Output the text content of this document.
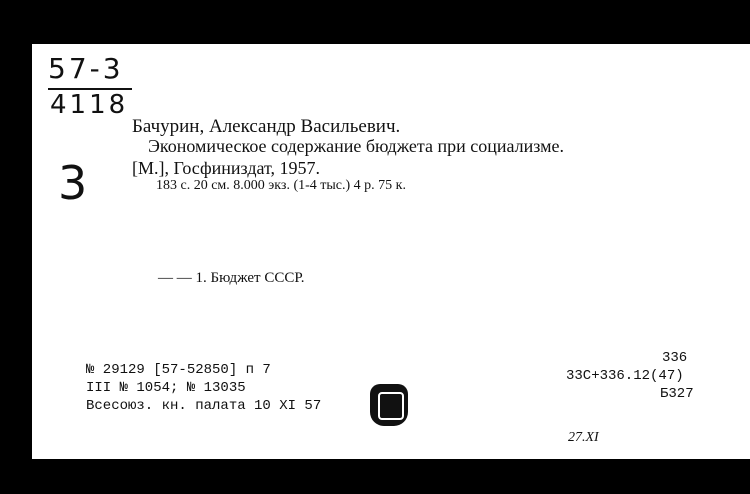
57-3
4118
3
Бачурин, Александр Васильевич.
Экономическое содержание бюджета при социализме.
[М.], Госфиниздат, 1957.
183 с. 20 см. 8.000 экз. (1-4 тыс.) 4 р. 75 к.
— — 1. Бюджет СССР.
№ 29129 [57-52850] п 7
III № 1054; № 13035
Всесоюз. кн. палата 10 XI 57
336
33С+336.12(47)
Б327
27.XI
